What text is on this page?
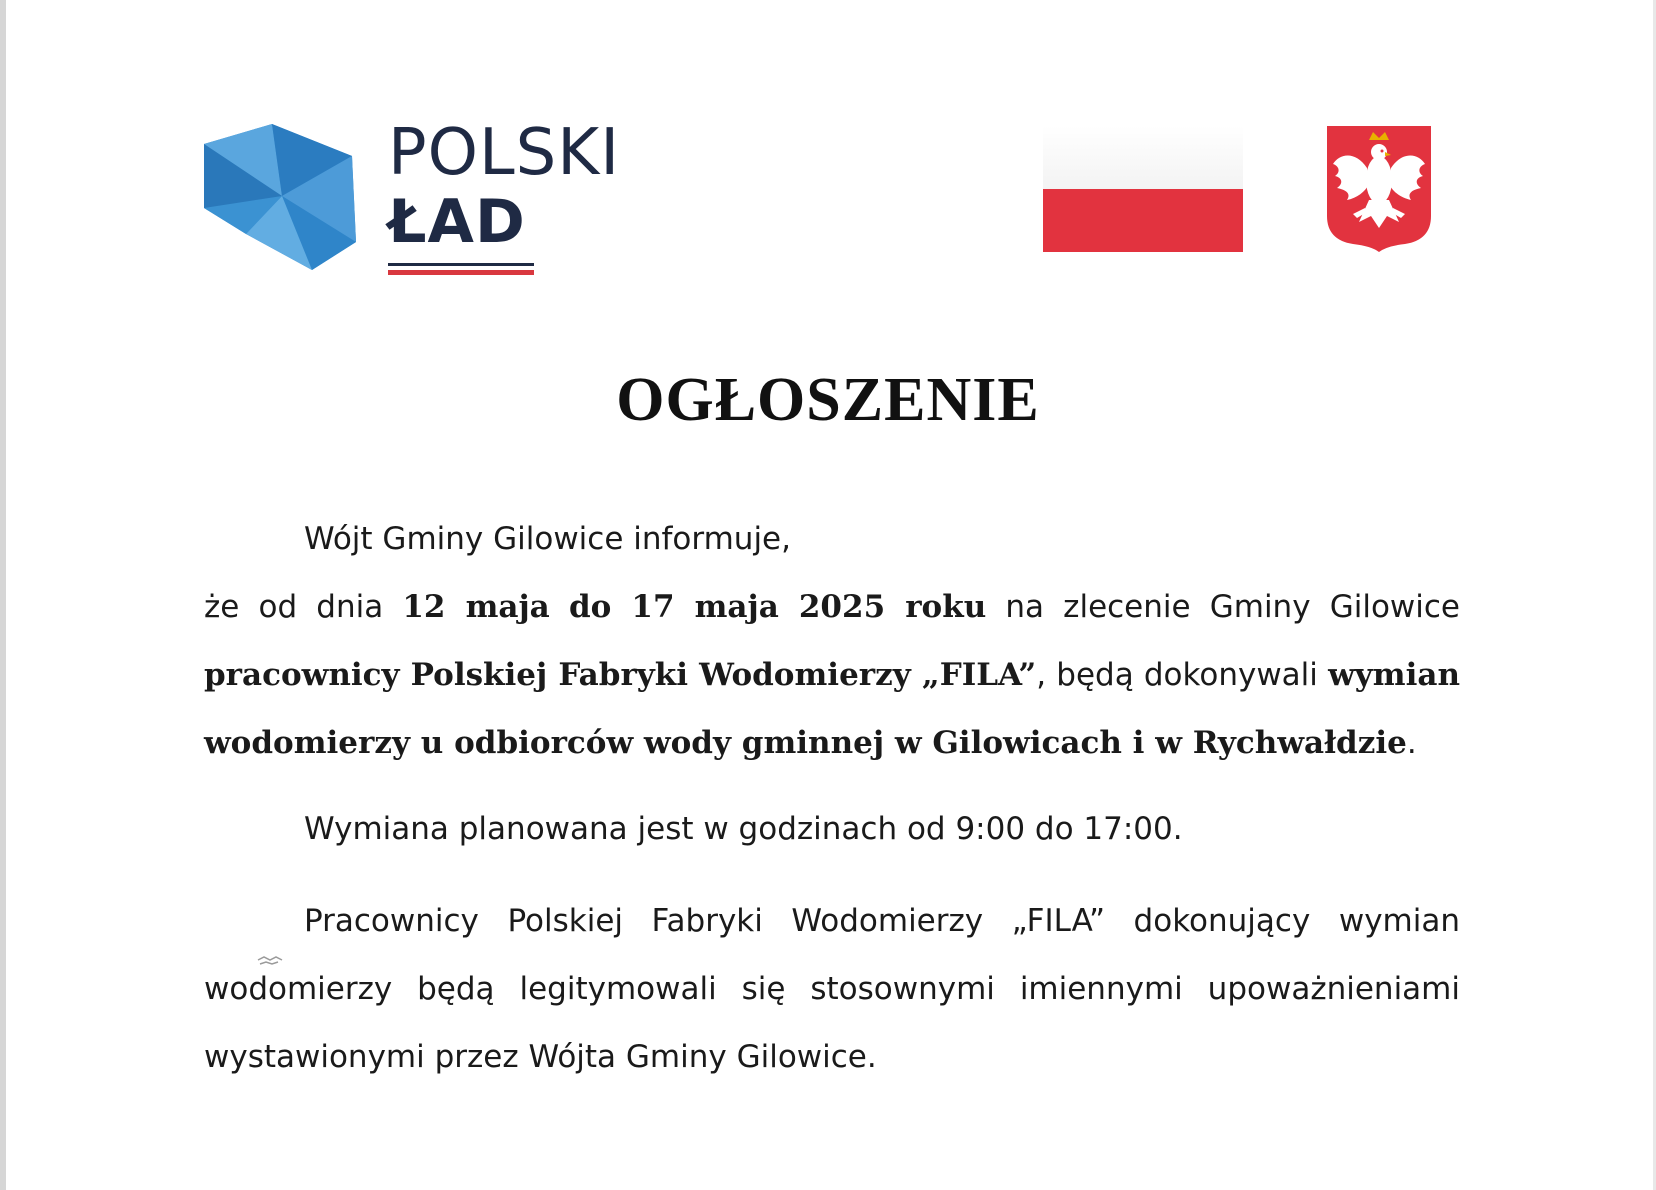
POLSKI
ŁAD
OGŁOSZENIE

Wójt Gminy Gilowice informuje,

że od dnia 12 maja do 17 maja 2025 roku na zlecenie Gminy Gilowice pracownicy Polskiej Fabryki Wodomierzy „FILA”, będą dokonywali wymian wodomierzy u odbiorców wody gminnej w Gilowicach i w Rychwałdzie.

Wymiana planowana jest w godzinach od 9:00 do 17:00.

Pracownicy Polskiej Fabryki Wodomierzy „FILA” dokonujący wymian wodomierzy będą legitymowali się stosownymi imiennymi upoważnieniami wystawionymi przez Wójta Gminy Gilowice.
